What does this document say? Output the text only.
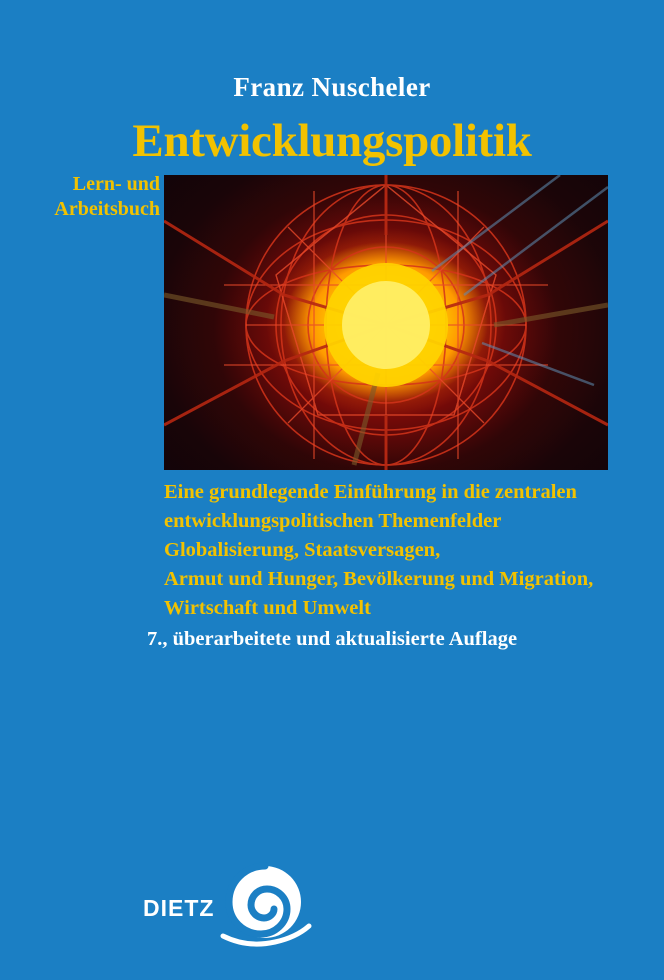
Franz Nuscheler
Entwicklungspolitik
Lern- und
Arbeitsbuch
Eine grundlegende Einführung in die zentralen
entwicklungspolitischen Themenfelder
Globalisierung, Staatsversagen,
Armut und Hunger, Bevölkerung und Migration,
Wirtschaft und Umwelt
7., überarbeitete und aktualisierte Auflage
DIETZ
